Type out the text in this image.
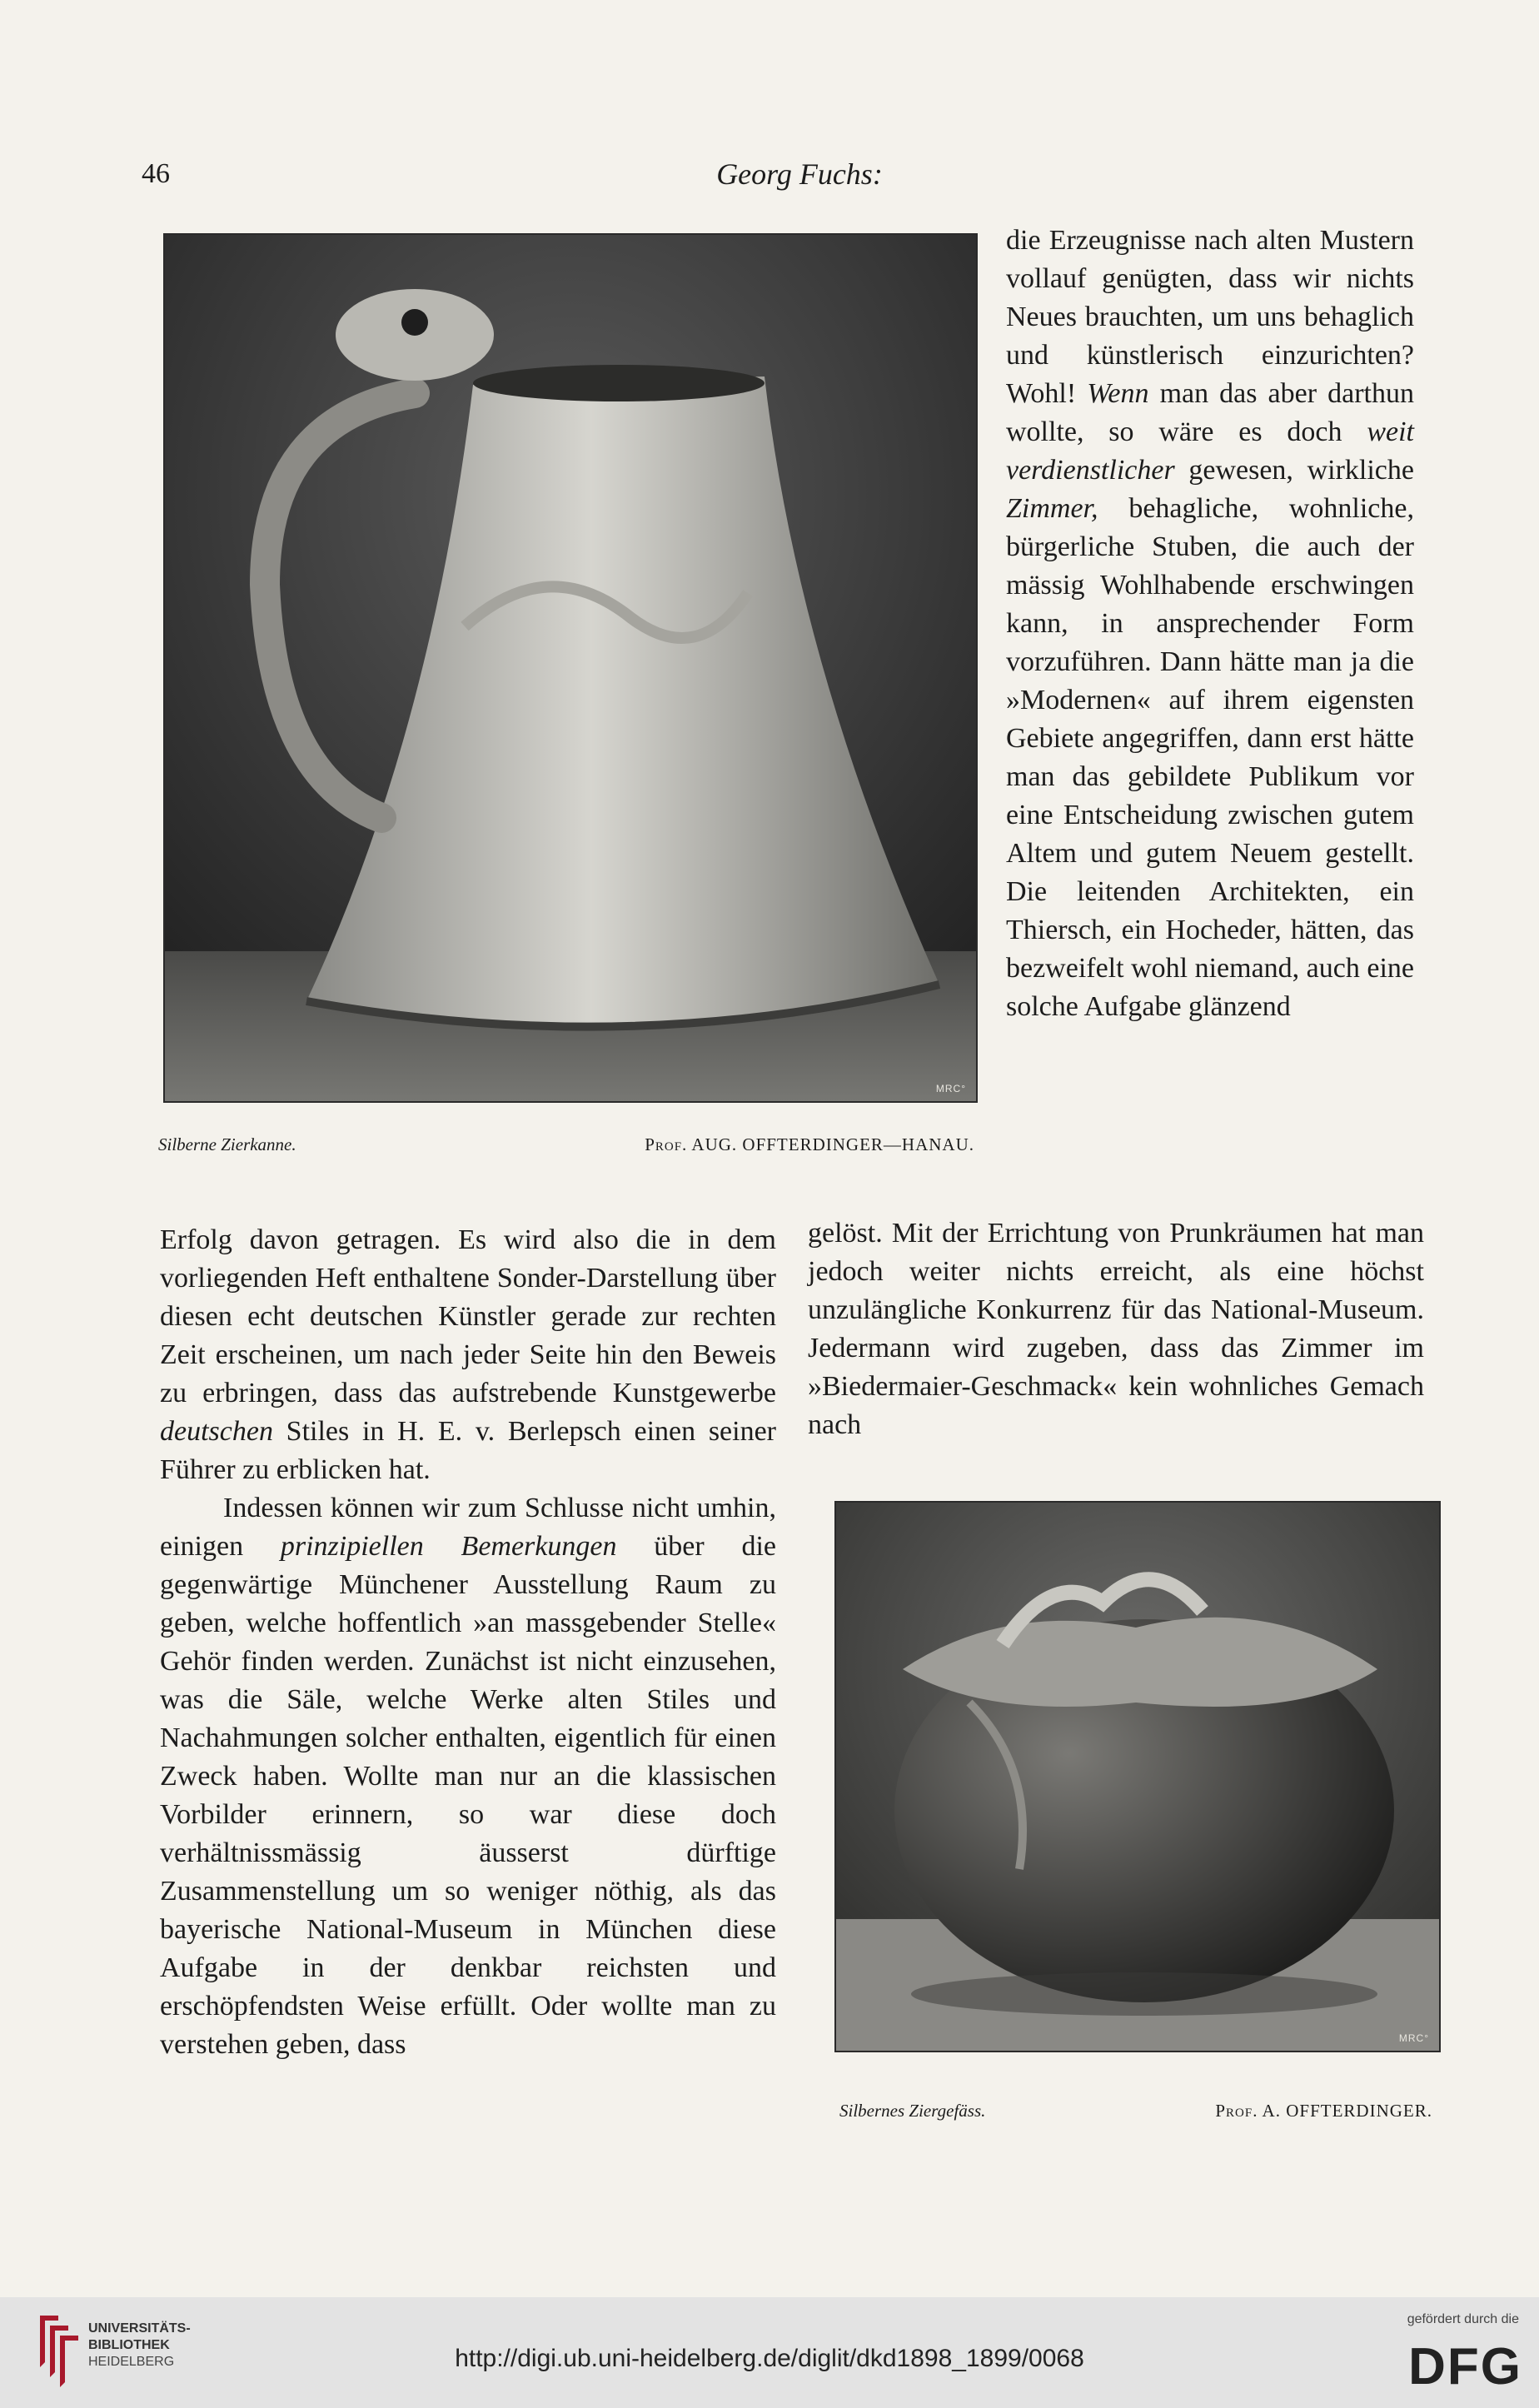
46	Georg Fuchs:
MRC°
Silberne Zierkanne.	Prof. AUG. OFFTERDINGER—HANAU.

die Erzeugnisse nach alten Mustern vollauf genügten, dass wir nichts Neues brauchten, um uns behaglich und künstlerisch einzurichten? Wohl! Wenn man das aber darthun wollte, so wäre es doch weit verdienstlicher gewesen, wirkliche Zimmer, behagliche, wohnliche, bürgerliche Stuben, die auch der mässig Wohlhabende erschwingen kann, in ansprechender Form vorzuführen. Dann hätte man ja die »Modernen« auf ihrem eigensten Gebiete angegriffen, dann erst hätte man das gebildete Publikum vor eine Entscheidung zwischen gutem Altem und gutem Neuem gestellt. Die leitenden Architekten, ein Thiersch, ein Hocheder, hätten, das bezweifelt wohl niemand, auch eine solche Aufgabe glänzend

Erfolg davon getragen. Es wird also die in dem vorliegenden Heft enthaltene Sonder-Darstellung über diesen echt deutschen Künstler gerade zur rechten Zeit erscheinen, um nach jeder Seite hin den Beweis zu erbringen, dass das aufstrebende Kunstgewerbe deutschen Stiles in H. E. v. Berlepsch einen seiner Führer zu erblicken hat.

Indessen können wir zum Schlusse nicht umhin, einigen prinzipiellen Bemerkungen über die gegenwärtige Münchener Ausstellung Raum zu geben, welche hoffentlich »an massgebender Stelle« Gehör finden werden. Zunächst ist nicht einzusehen, was die Säle, welche Werke alten Stiles und Nachahmungen solcher enthalten, eigentlich für einen Zweck haben. Wollte man nur an die klassischen Vorbilder erinnern, so war diese doch verhältnissmässig äusserst dürftige Zusammenstellung um so weniger nöthig, als das bayerische National-Museum in München diese Aufgabe in der denkbar reichsten und erschöpfendsten Weise erfüllt. Oder wollte man zu verstehen geben, dass

gelöst. Mit der Errichtung von Prunkräumen hat man jedoch weiter nichts erreicht, als eine höchst unzulängliche Konkurrenz für das National-Museum. Jedermann wird zugeben, dass das Zimmer im »Biedermaier-Geschmack« kein wohnliches Gemach nach

MRC°
Silbernes Ziergefäss.	Prof. A. OFFTERDINGER.
UNIVERSITÄTS-
BIBLIOTHEK
HEIDELBERG	http://digi.ub.uni-heidelberg.de/diglit/dkd1898_1899/0068
gefördert durch die
DFG
